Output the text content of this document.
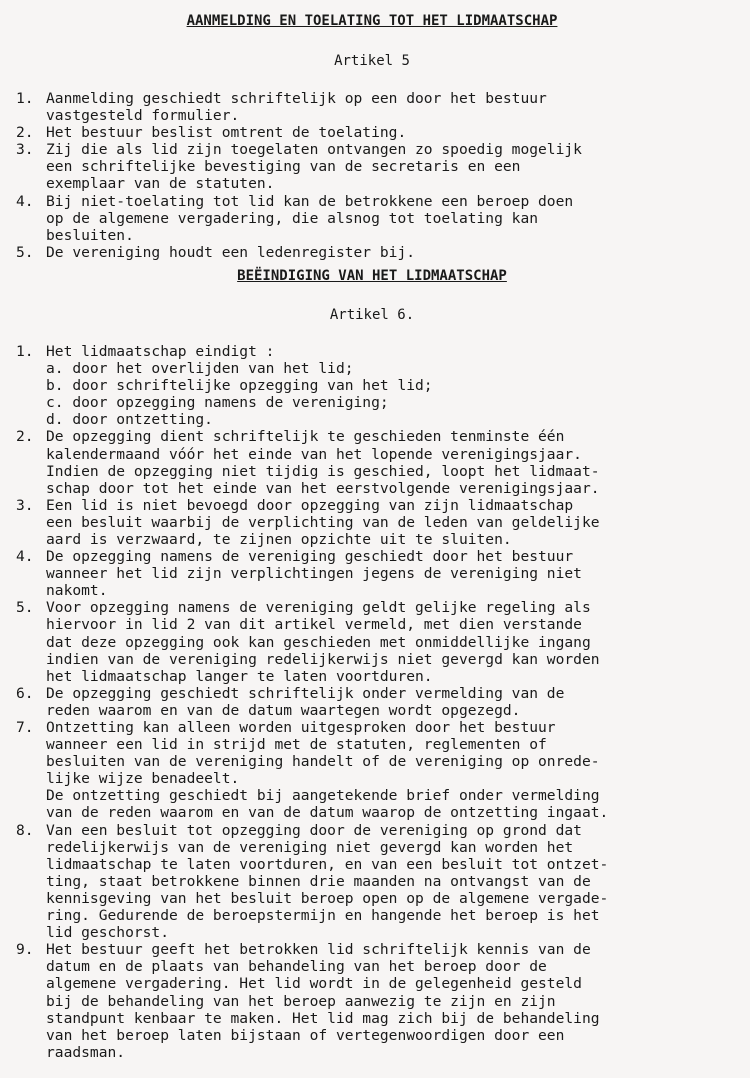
AANMELDING EN TOELATING TOT HET LIDMAATSCHAP
Artikel 5
1. Aanmelding geschiedt schriftelijk op een door het bestuur
vastgesteld formulier.
2. Het bestuur beslist omtrent de toelating.
3. Zij die als lid zijn toegelaten ontvangen zo spoedig mogelijk
een schriftelijke bevestiging van de secretaris en een
exemplaar van de statuten.
4. Bij niet-toelating tot lid kan de betrokkene een beroep doen
op de algemene vergadering, die alsnog tot toelating kan
besluiten.
5. De vereniging houdt een ledenregister bij.
BEËINDIGING VAN HET LIDMAATSCHAP
Artikel 6.
1. Het lidmaatschap eindigt :
a. door het overlijden van het lid;
b. door schriftelijke opzegging van het lid;
c. door opzegging namens de vereniging;
d. door ontzetting.
2. De opzegging dient schriftelijk te geschieden tenminste één
kalendermaand vóór het einde van het lopende verenigingsjaar.
Indien de opzegging niet tijdig is geschied, loopt het lidmaat-
schap door tot het einde van het eerstvolgende verenigingsjaar.
3. Een lid is niet bevoegd door opzegging van zijn lidmaatschap
een besluit waarbij de verplichting van de leden van geldelijke
aard is verzwaard, te zijnen opzichte uit te sluiten.
4. De opzegging namens de vereniging geschiedt door het bestuur
wanneer het lid zijn verplichtingen jegens de vereniging niet
nakomt.
5. Voor opzegging namens de vereniging geldt gelijke regeling als
hiervoor in lid 2 van dit artikel vermeld, met dien verstande
dat deze opzegging ook kan geschieden met onmiddellijke ingang
indien van de vereniging redelijkerwijs niet gevergd kan worden
het lidmaatschap langer te laten voortduren.
6. De opzegging geschiedt schriftelijk onder vermelding van de
reden waarom en van de datum waartegen wordt opgezegd.
7. Ontzetting kan alleen worden uitgesproken door het bestuur
wanneer een lid in strijd met de statuten, reglementen of
besluiten van de vereniging handelt of de vereniging op onrede-
lijke wijze benadeelt.
De ontzetting geschiedt bij aangetekende brief onder vermelding
van de reden waarom en van de datum waarop de ontzetting ingaat.
8. Van een besluit tot opzegging door de vereniging op grond dat
redelijkerwijs van de vereniging niet gevergd kan worden het
lidmaatschap te laten voortduren, en van een besluit tot ontzet-
ting, staat betrokkene binnen drie maanden na ontvangst van de
kennisgeving van het besluit beroep open op de algemene vergade-
ring. Gedurende de beroepstermijn en hangende het beroep is het
lid geschorst.
9. Het bestuur geeft het betrokken lid schriftelijk kennis van de
datum en de plaats van behandeling van het beroep door de
algemene vergadering. Het lid wordt in de gelegenheid gesteld
bij de behandeling van het beroep aanwezig te zijn en zijn
standpunt kenbaar te maken. Het lid mag zich bij de behandeling
van het beroep laten bijstaan of vertegenwoordigen door een
raadsman.
